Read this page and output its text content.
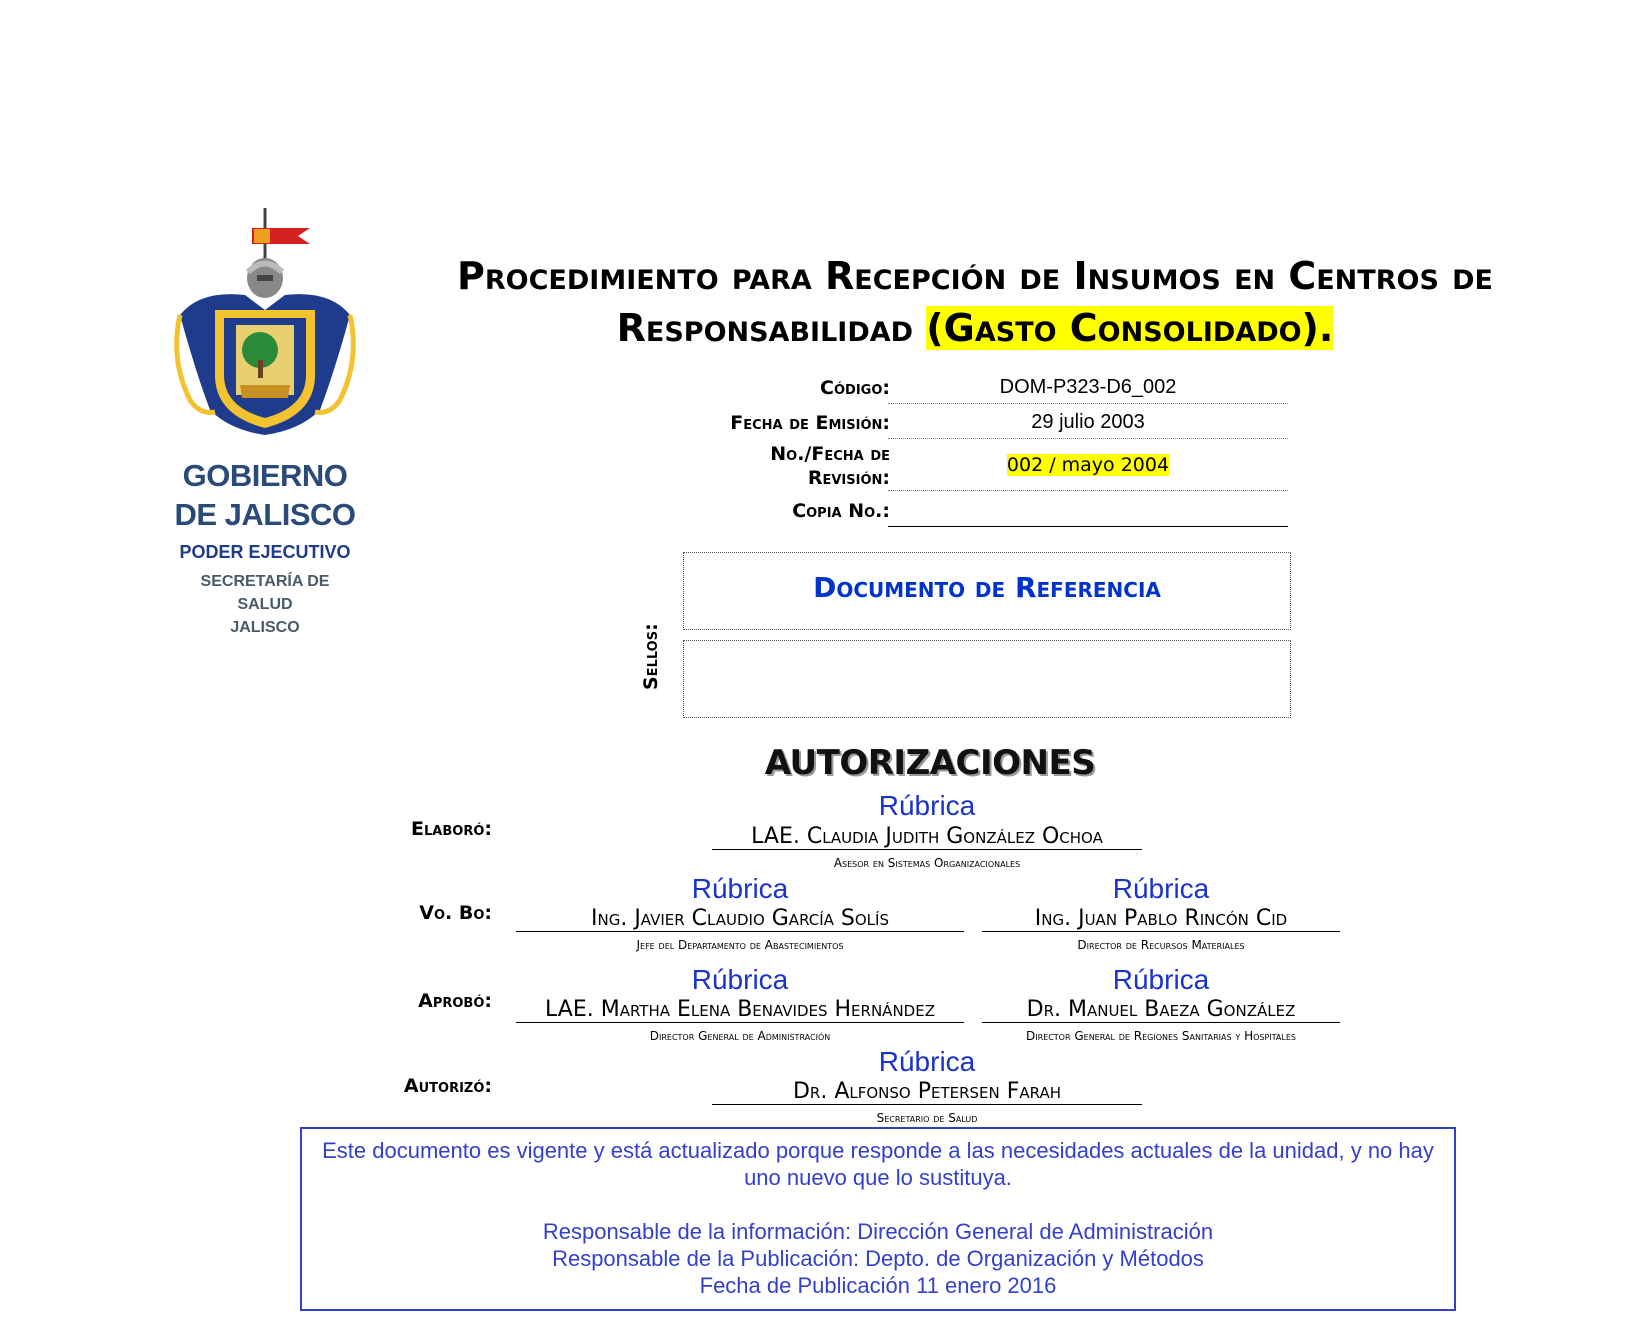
GOBIERNO
DE JALISCO
PODER EJECUTIVO
SECRETARÍA DE
SALUD
JALISCO
Procedimiento para Recepción de Insumos en Centros de
Responsabilidad (Gasto Consolidado).
Código:	DOM-P323-D6_002
Fecha de Emisión:	29 julio 2003
No./Fecha de
Revisión:
002 / mayo 2004
Copia No.:
Sellos:
Documento de Referencia
AUTORIZACIONES
Elaboró:
Rúbrica
LAE. Claudia Judith González Ochoa
Asesor en Sistemas Organizacionales
Vo. Bo:
Rúbrica
Ing. Javier Claudio García Solís
Jefe del Departamento de Abastecimientos
Rúbrica
Ing. Juan Pablo Rincón Cid
Director de Recursos Materiales
Aprobó:
Rúbrica
LAE. Martha Elena Benavides Hernández
Director General de Administración
Rúbrica
Dr. Manuel Baeza González
Director General de Regiones Sanitarias y Hospitales
Autorizó:
Rúbrica
Dr. Alfonso Petersen Farah
Secretario de Salud

Este documento es vigente y está actualizado porque responde a las necesidades actuales de la unidad, y no hay uno nuevo que lo sustituya.

Responsable de la información: Dirección General de Administración

Responsable de la Publicación: Depto. de Organización y Métodos

Fecha de Publicación 11 enero 2016
